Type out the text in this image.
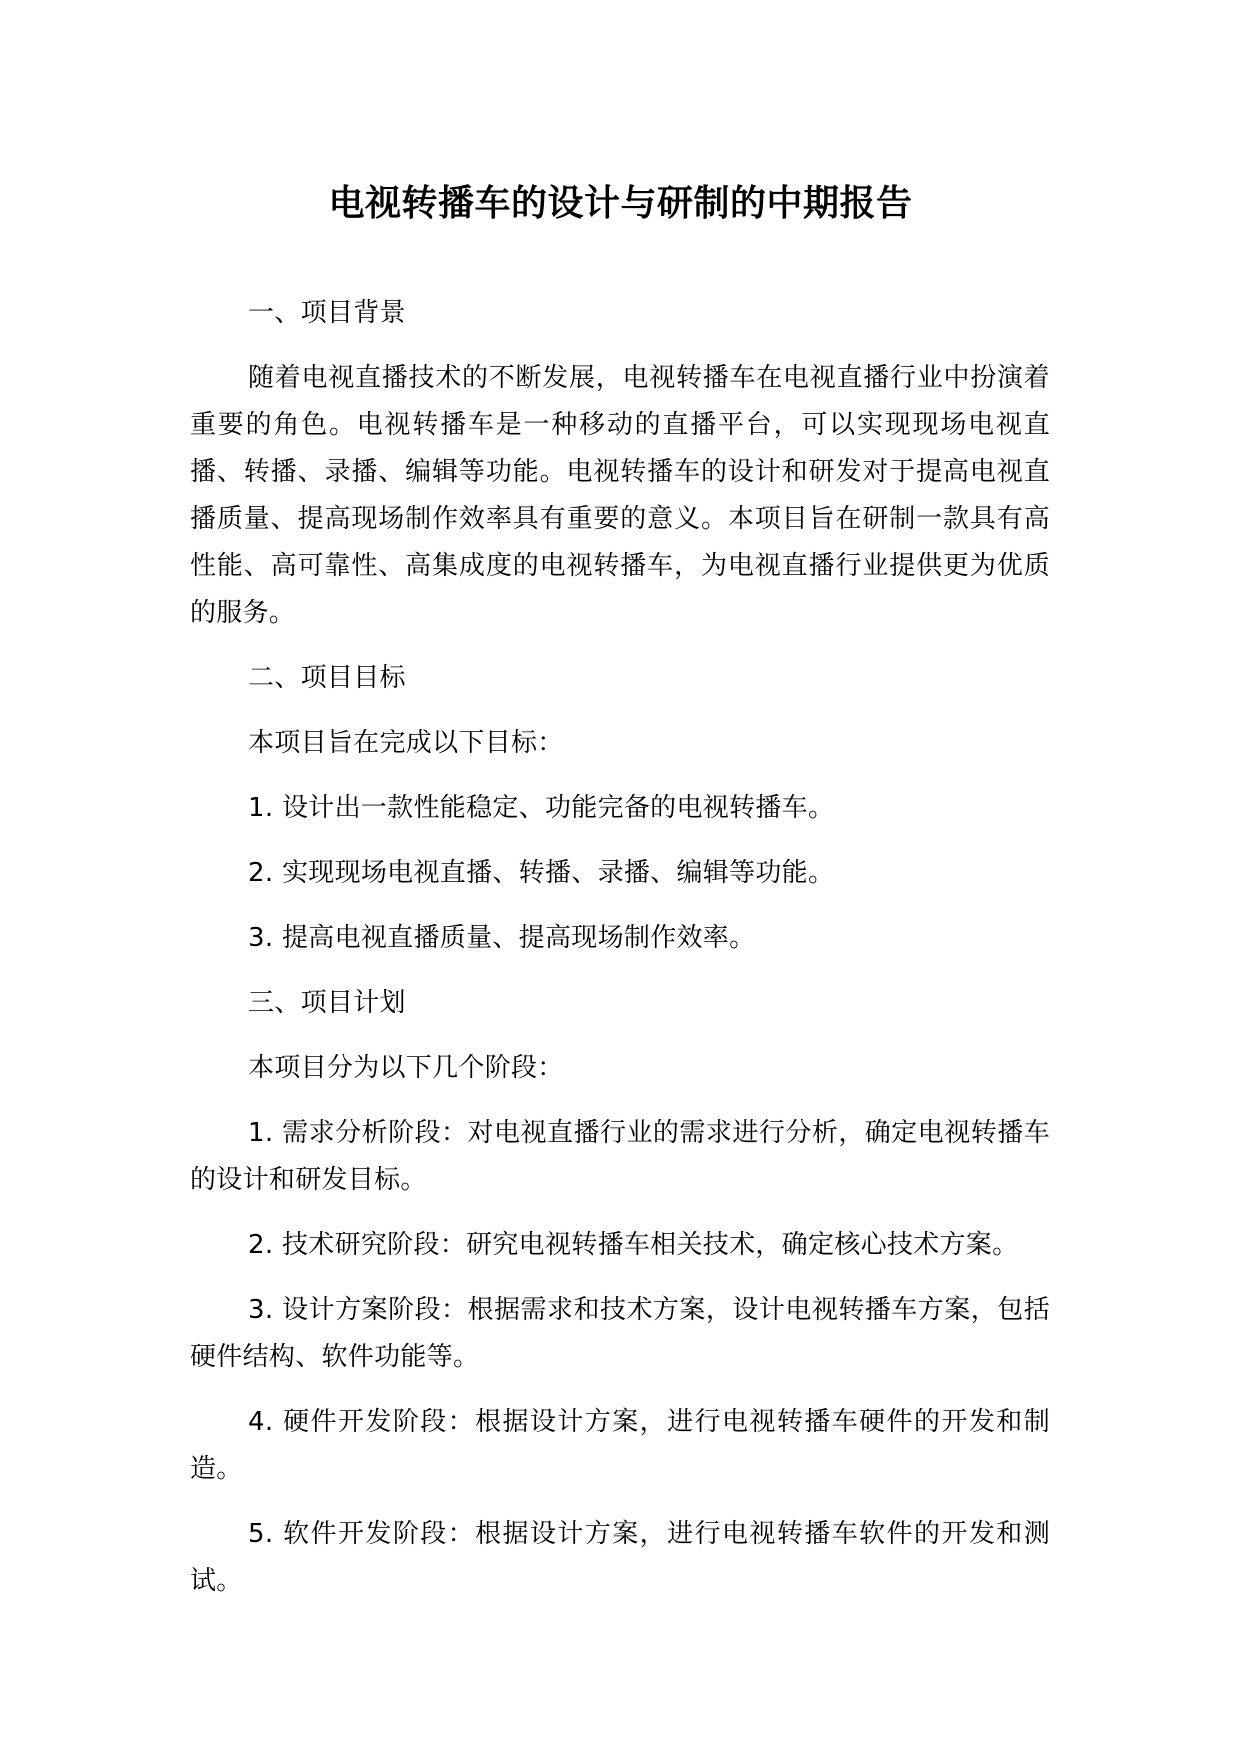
电视转播车的设计与研制的中期报告
一、项目背景
随着电视直播技术的不断发展，电视转播车在电视直播行业中扮演着重要的角色。电视转播车是一种移动的直播平台，可以实现现场电视直播、转播、录播、编辑等功能。电视转播车的设计和研发对于提高电视直播质量、提高现场制作效率具有重要的意义。本项目旨在研制一款具有高性能、高可靠性、高集成度的电视转播车，为电视直播行业提供更为优质的服务。
二、项目目标
本项目旨在完成以下目标：
1. 设计出一款性能稳定、功能完备的电视转播车。
2. 实现现场电视直播、转播、录播、编辑等功能。
3. 提高电视直播质量、提高现场制作效率。
三、项目计划
本项目分为以下几个阶段：
1. 需求分析阶段：对电视直播行业的需求进行分析，确定电视转播车的设计和研发目标。
2. 技术研究阶段：研究电视转播车相关技术，确定核心技术方案。
3. 设计方案阶段：根据需求和技术方案，设计电视转播车方案，包括硬件结构、软件功能等。
4. 硬件开发阶段：根据设计方案，进行电视转播车硬件的开发和制造。
5. 软件开发阶段：根据设计方案，进行电视转播车软件的开发和测试。
